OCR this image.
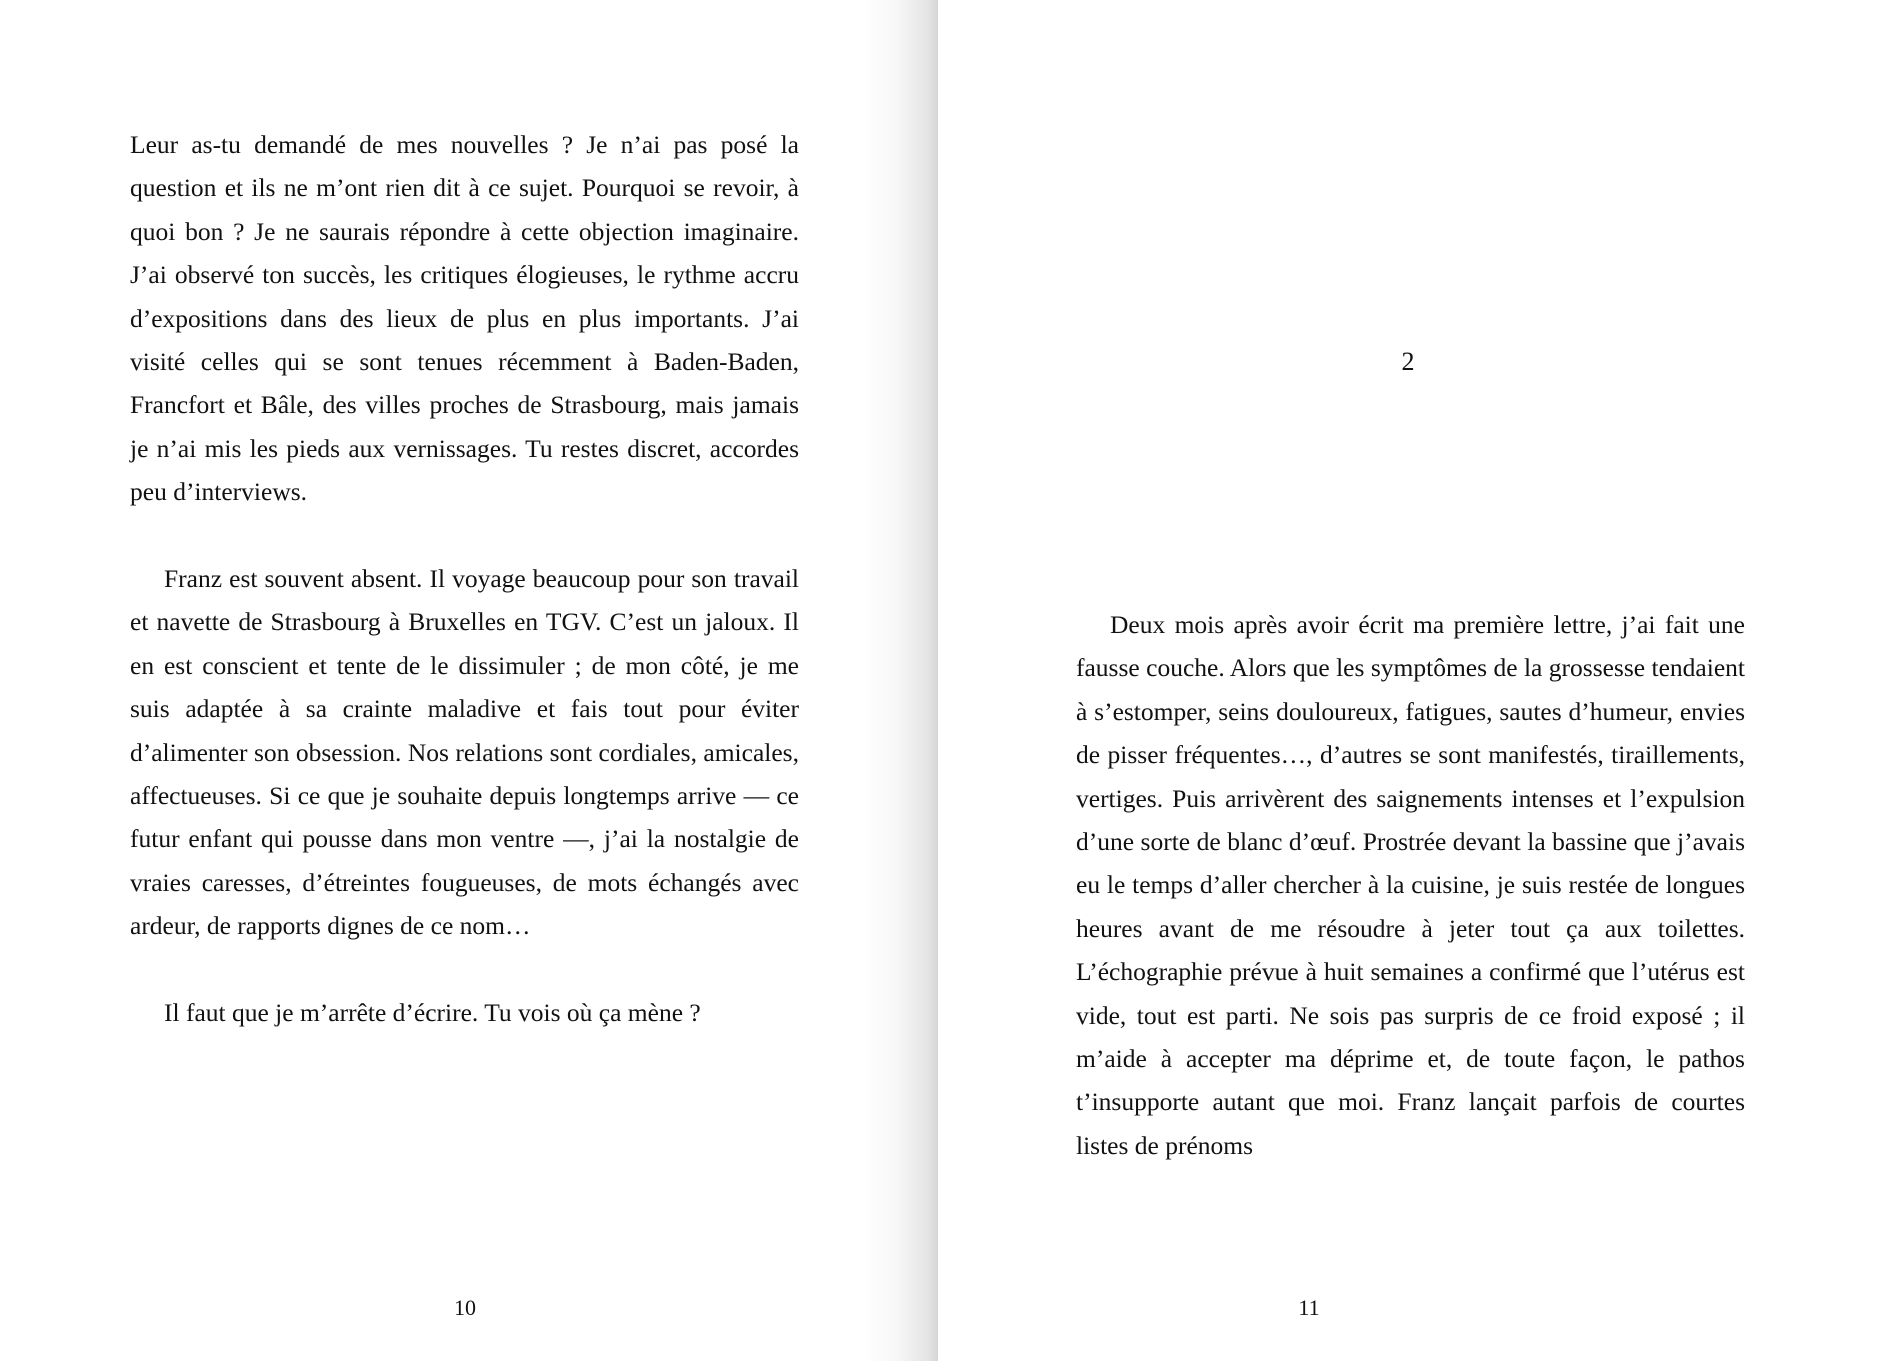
Leur as-tu demandé de mes nouvelles ? Je n’ai pas posé la question et ils ne m’ont rien dit à ce sujet. Pourquoi se revoir, à quoi bon ? Je ne saurais répondre à cette objection imaginaire. J’ai observé ton succès, les critiques élogieuses, le rythme accru d’expositions dans des lieux de plus en plus importants. J’ai visité celles qui se sont tenues récemment à Baden-Baden, Francfort et Bâle, des villes proches de Strasbourg, mais jamais je n’ai mis les pieds aux vernissages. Tu restes discret, accordes peu d’interviews.

Franz est souvent absent. Il voyage beaucoup pour son travail et navette de Strasbourg à Bruxelles en TGV. C’est un jaloux. Il en est conscient et tente de le dissimuler ; de mon côté, je me suis adaptée à sa crainte maladive et fais tout pour éviter d’alimenter son obsession. Nos relations sont cordiales, amicales, affectueuses. Si ce que je souhaite depuis longtemps arrive — ce futur enfant qui pousse dans mon ventre —, j’ai la nostalgie de vraies caresses, d’étreintes fougueuses, de mots échangés avec ardeur, de rapports dignes de ce nom…

Il faut que je m’arrête d’écrire. Tu vois où ça mène ?

10
2

Deux mois après avoir écrit ma première lettre, j’ai fait une fausse couche. Alors que les symptômes de la grossesse tendaient à s’estomper, seins douloureux, fatigues, sautes d’humeur, envies de pisser fréquentes…, d’autres se sont manifestés, tiraillements, vertiges. Puis arrivèrent des saignements intenses et l’expulsion d’une sorte de blanc d’œuf. Prostrée devant la bassine que j’avais eu le temps d’aller chercher à la cuisine, je suis restée de longues heures avant de me résoudre à jeter tout ça aux toilettes. L’échographie prévue à huit semaines a confirmé que l’utérus est vide, tout est parti. Ne sois pas surpris de ce froid exposé ; il m’aide à accepter ma déprime et, de toute façon, le pathos t’insupporte autant que moi. Franz lançait parfois de courtes listes de prénoms

11
